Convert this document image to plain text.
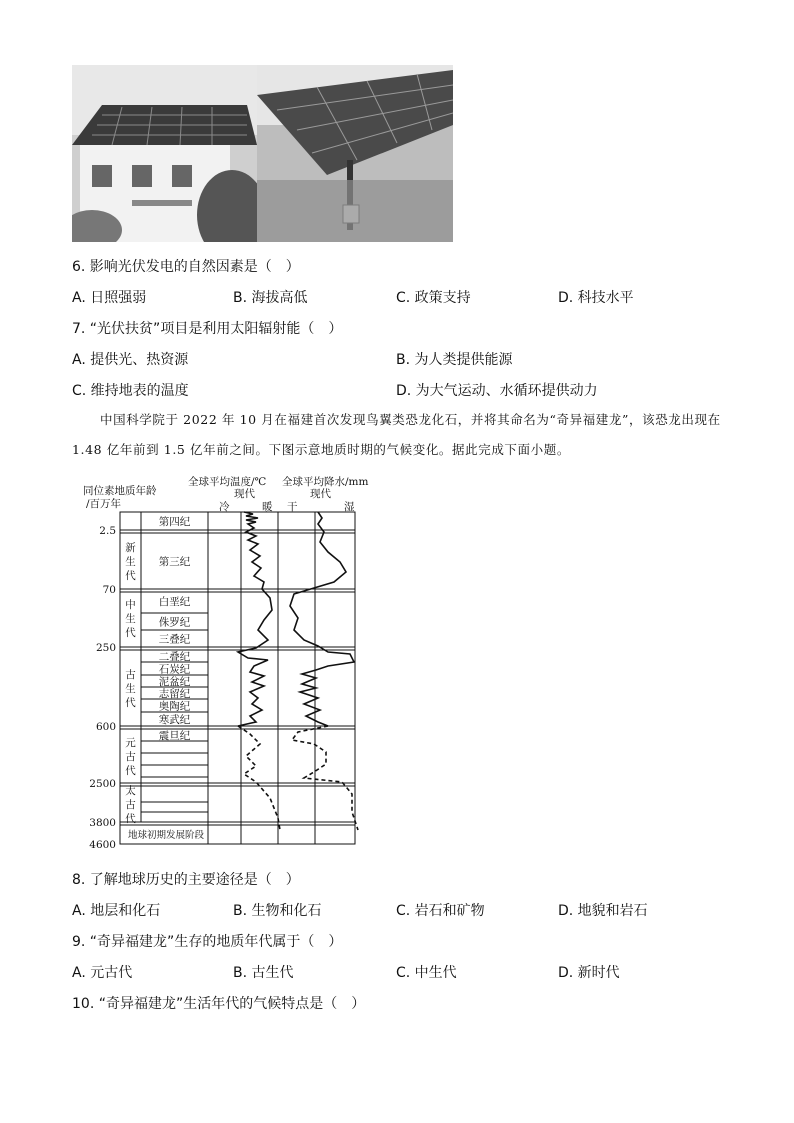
6. 影响光伏发电的自然因素是（　）
A. 日照强弱	B. 海拔高低	C. 政策支持	D. 科技水平
7. “光伏扶贫”项目是利用太阳辐射能（　）
A. 提供光、热资源	B. 为人类提供能源
C. 维持地表的温度	D. 为大气运动、水循环提供动力
中国科学院于 2022 年 10 月在福建首次发现鸟翼类恐龙化石，并将其命名为“奇异福建龙”，该恐龙出现在 1.48 亿年前到 1.5 亿年前之间。下图示意地质时期的气候变化。据此完成下面小题。
同位素地质年龄
/百万年
全球平均温度/℃ 全球平均降水/mm
现代	现代
冷	暖 干	湿
第四纪
第三纪
白垩纪
侏罗纪
三叠纪
二叠纪
石炭纪
泥盆纪
志留纪
奥陶纪
寒武纪
震旦纪
2.5
70
250
600
2500
3800
4600
新生代
中生代
古生代
元古代
太古代
地球初期发展阶段
8. 了解地球历史的主要途径是（　）
A. 地层和化石	B. 生物和化石	C. 岩石和矿物	D. 地貌和岩石
9. “奇异福建龙”生存的地质年代属于（　）
A. 元古代	B. 古生代	C. 中生代	D. 新时代
10. “奇异福建龙”生活年代的气候特点是（　）
